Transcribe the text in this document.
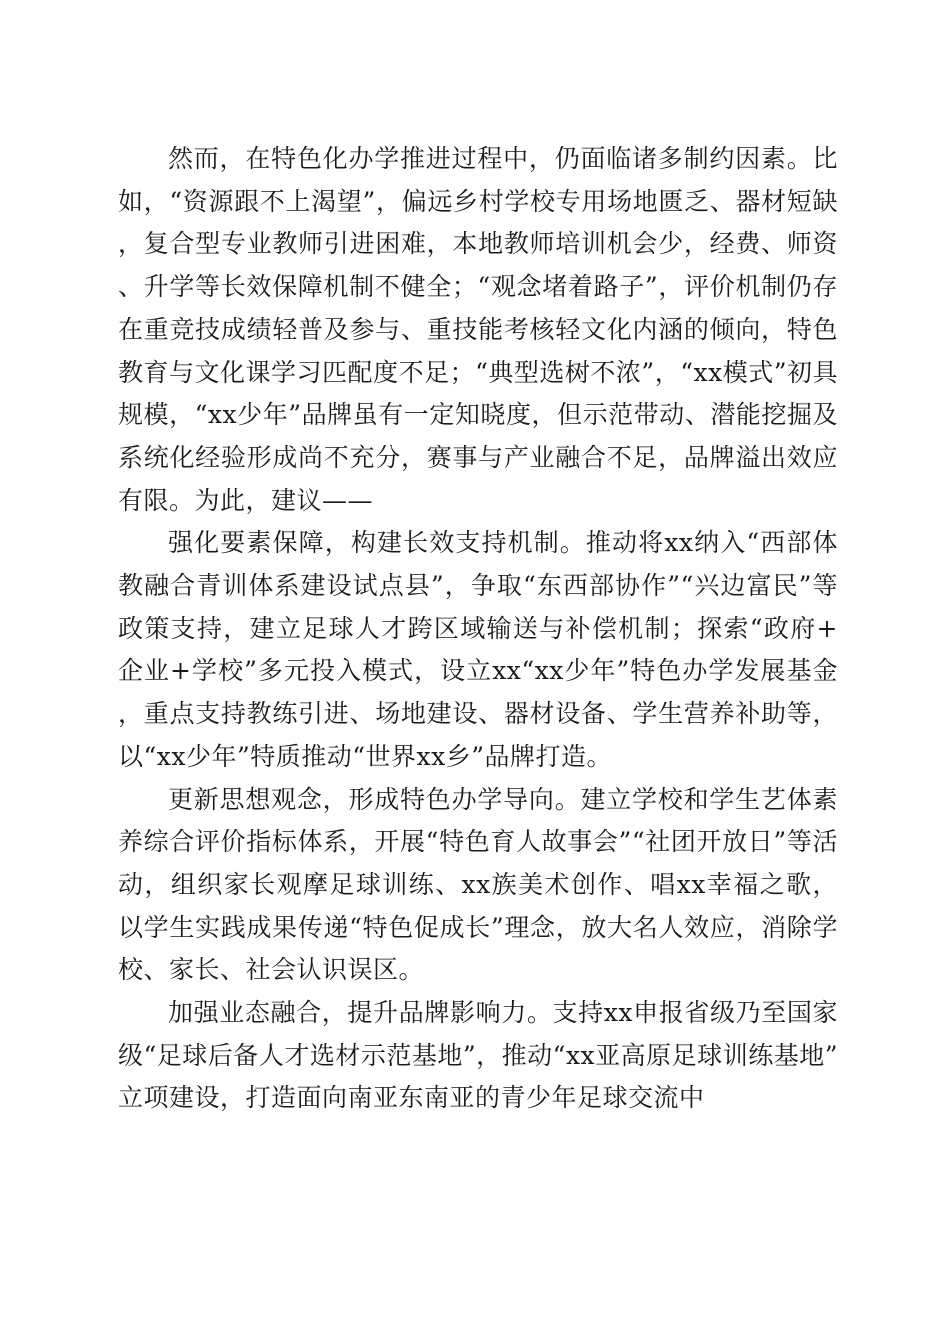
然而，在特色化办学推进过程中，仍面临诸多制约因素。比如，“资源跟不上渴望”，偏远乡村学校专用场地匮乏、器材短缺，复合型专业教师引进困难，本地教师培训机会少，经费、师资、升学等长效保障机制不健全；“观念堵着路子”，评价机制仍存在重竞技成绩轻普及参与、重技能考核轻文化内涵的倾向，特色教育与文化课学习匹配度不足；“典型选树不浓”，“xx模式”初具规模，“xx少年”品牌虽有一定知晓度，但示范带动、潜能挖掘及系统化经验形成尚不充分，赛事与产业融合不足，品牌溢出效应有限。为此，建议——

强化要素保障，构建长效支持机制。推动将xx纳入“西部体教融合青训体系建设试点县”，争取“东西部协作”“兴边富民”等政策支持，建立足球人才跨区域输送与补偿机制；探索“政府+企业+学校”多元投入模式，设立xx“xx少年”特色办学发展基金，重点支持教练引进、场地建设、器材设备、学生营养补助等，以“xx少年”特质推动“世界xx乡”品牌打造。

更新思想观念，形成特色办学导向。建立学校和学生艺体素养综合评价指标体系，开展“特色育人故事会”“社团开放日”等活动，组织家长观摩足球训练、xx族美术创作、唱xx幸福之歌，以学生实践成果传递“特色促成长”理念，放大名人效应，消除学校、家长、社会认识误区。

加强业态融合，提升品牌影响力。支持xx申报省级乃至国家级“足球后备人才选材示范基地”，推动“xx亚高原足球训练基地”立项建设，打造面向南亚东南亚的青少年足球交流中
